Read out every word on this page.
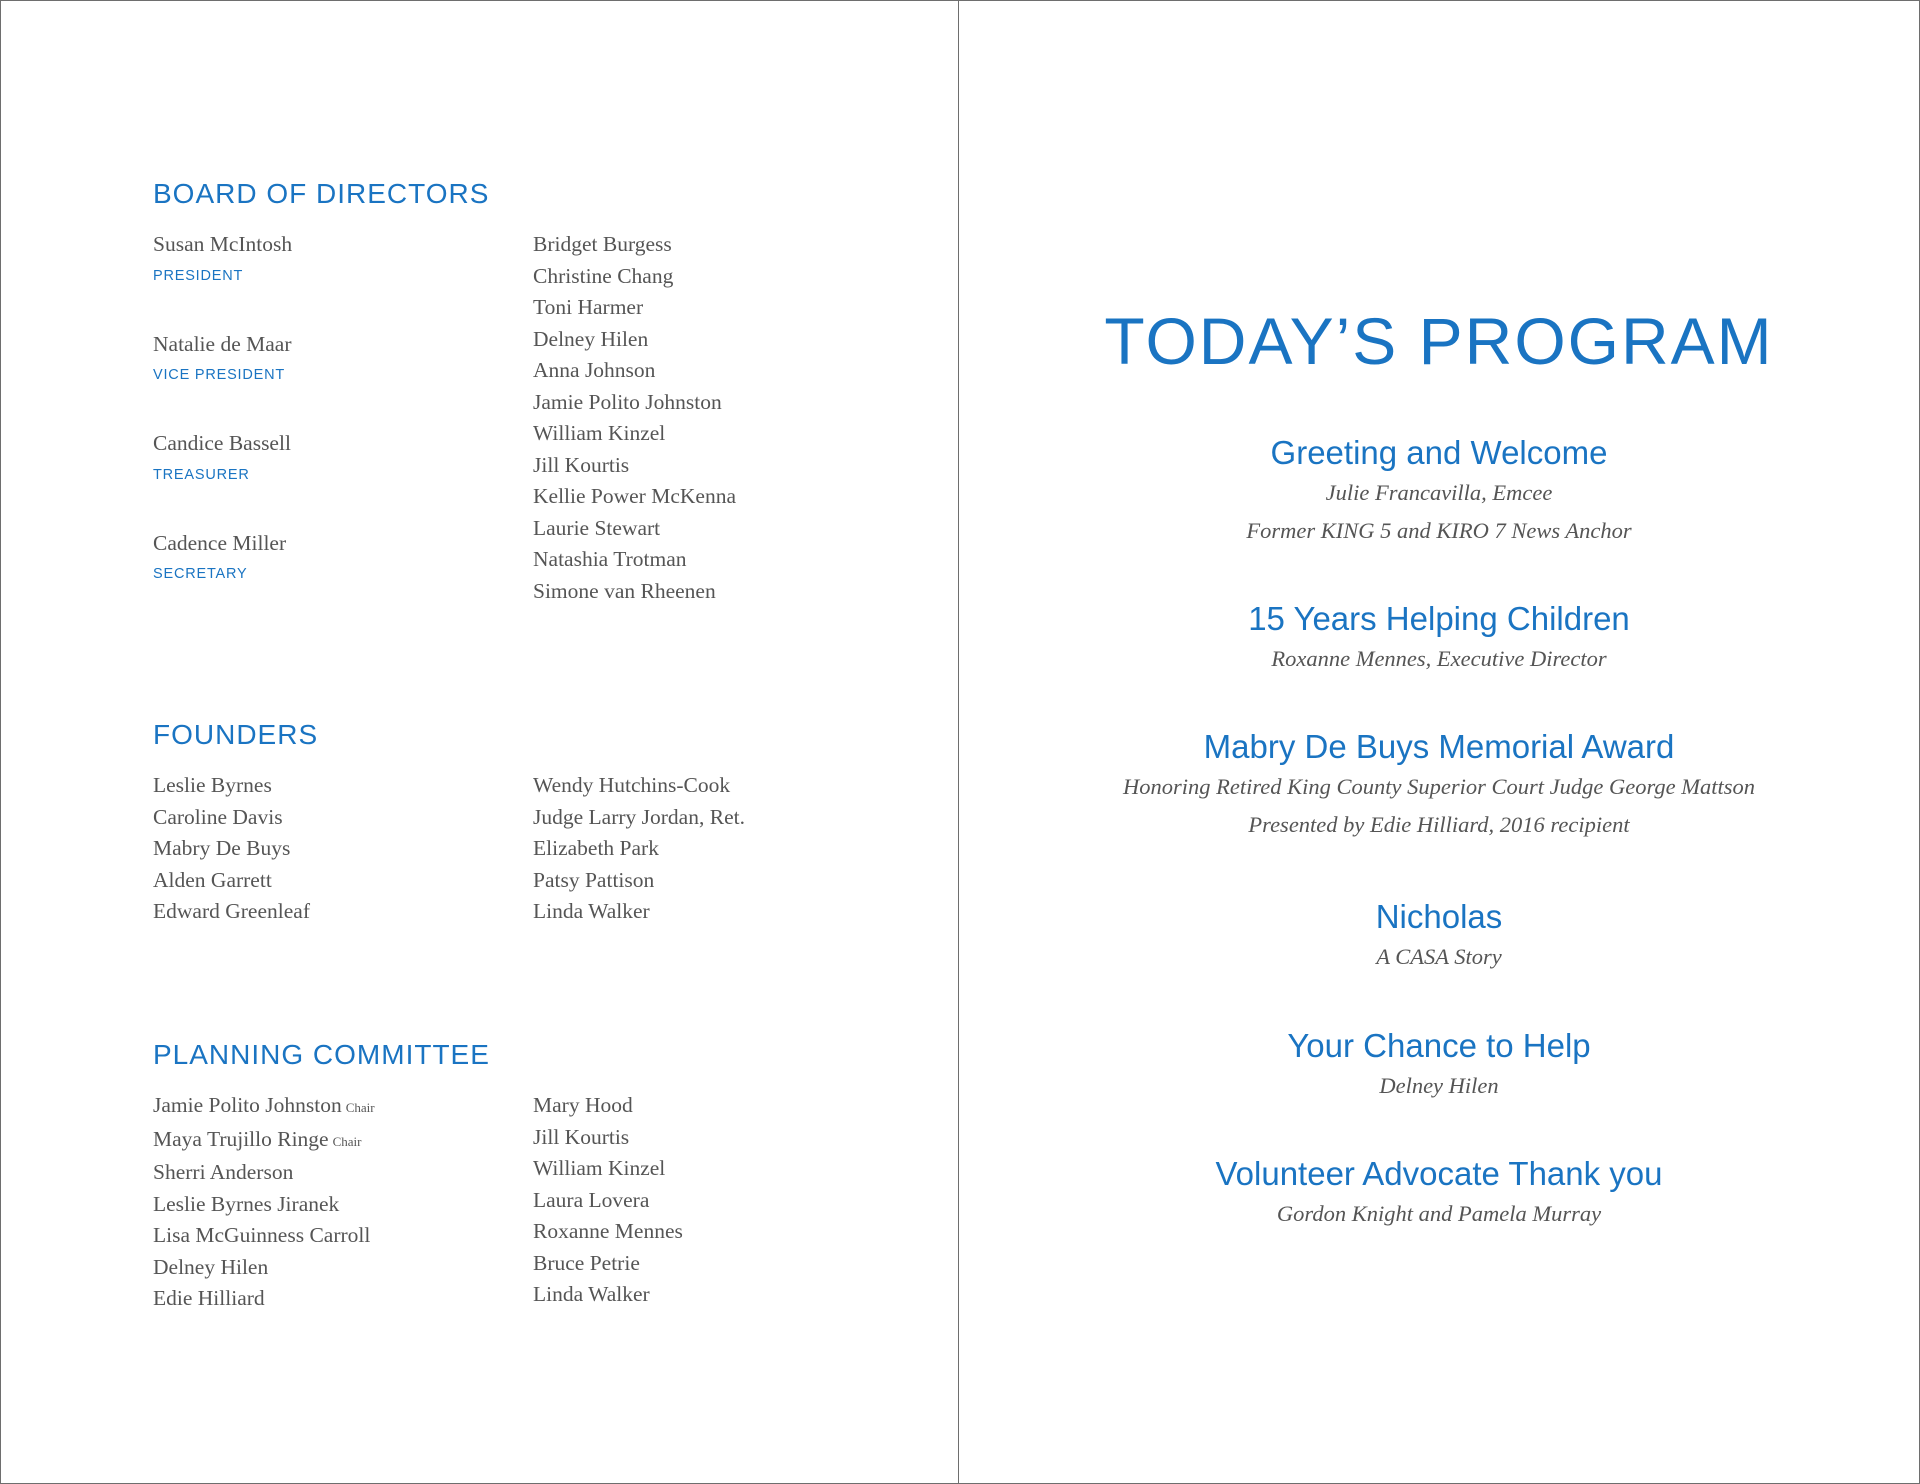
BOARD OF DIRECTORS
Susan McIntosh
PRESIDENT
Natalie de Maar
VICE PRESIDENT
Candice Bassell
TREASURER
Cadence Miller
SECRETARY
Bridget Burgess
Christine Chang
Toni Harmer
Delney Hilen
Anna Johnson
Jamie Polito Johnston
William Kinzel
Jill Kourtis
Kellie Power McKenna
Laurie Stewart
Natashia Trotman
Simone van Rheenen
FOUNDERS
Leslie Byrnes
Caroline Davis
Mabry De Buys
Alden Garrett
Edward Greenleaf
Wendy Hutchins-Cook
Judge Larry Jordan, Ret.
Elizabeth Park
Patsy Pattison
Linda Walker
PLANNING COMMITTEE
Jamie Polito Johnston Chair
Maya Trujillo Ringe Chair
Sherri Anderson
Leslie Byrnes Jiranek
Lisa McGuinness Carroll
Delney Hilen
Edie Hilliard
Mary Hood
Jill Kourtis
William Kinzel
Laura Lovera
Roxanne Mennes
Bruce Petrie
Linda Walker
TODAY’S PROGRAM
Greeting and Welcome
Julie Francavilla, Emcee
Former KING 5 and KIRO 7 News Anchor
15 Years Helping Children
Roxanne Mennes, Executive Director
Mabry De Buys Memorial Award
Honoring Retired King County Superior Court Judge George Mattson
Presented by Edie Hilliard, 2016 recipient
Nicholas
A CASA Story
Your Chance to Help
Delney Hilen
Volunteer Advocate Thank you
Gordon Knight and Pamela Murray
